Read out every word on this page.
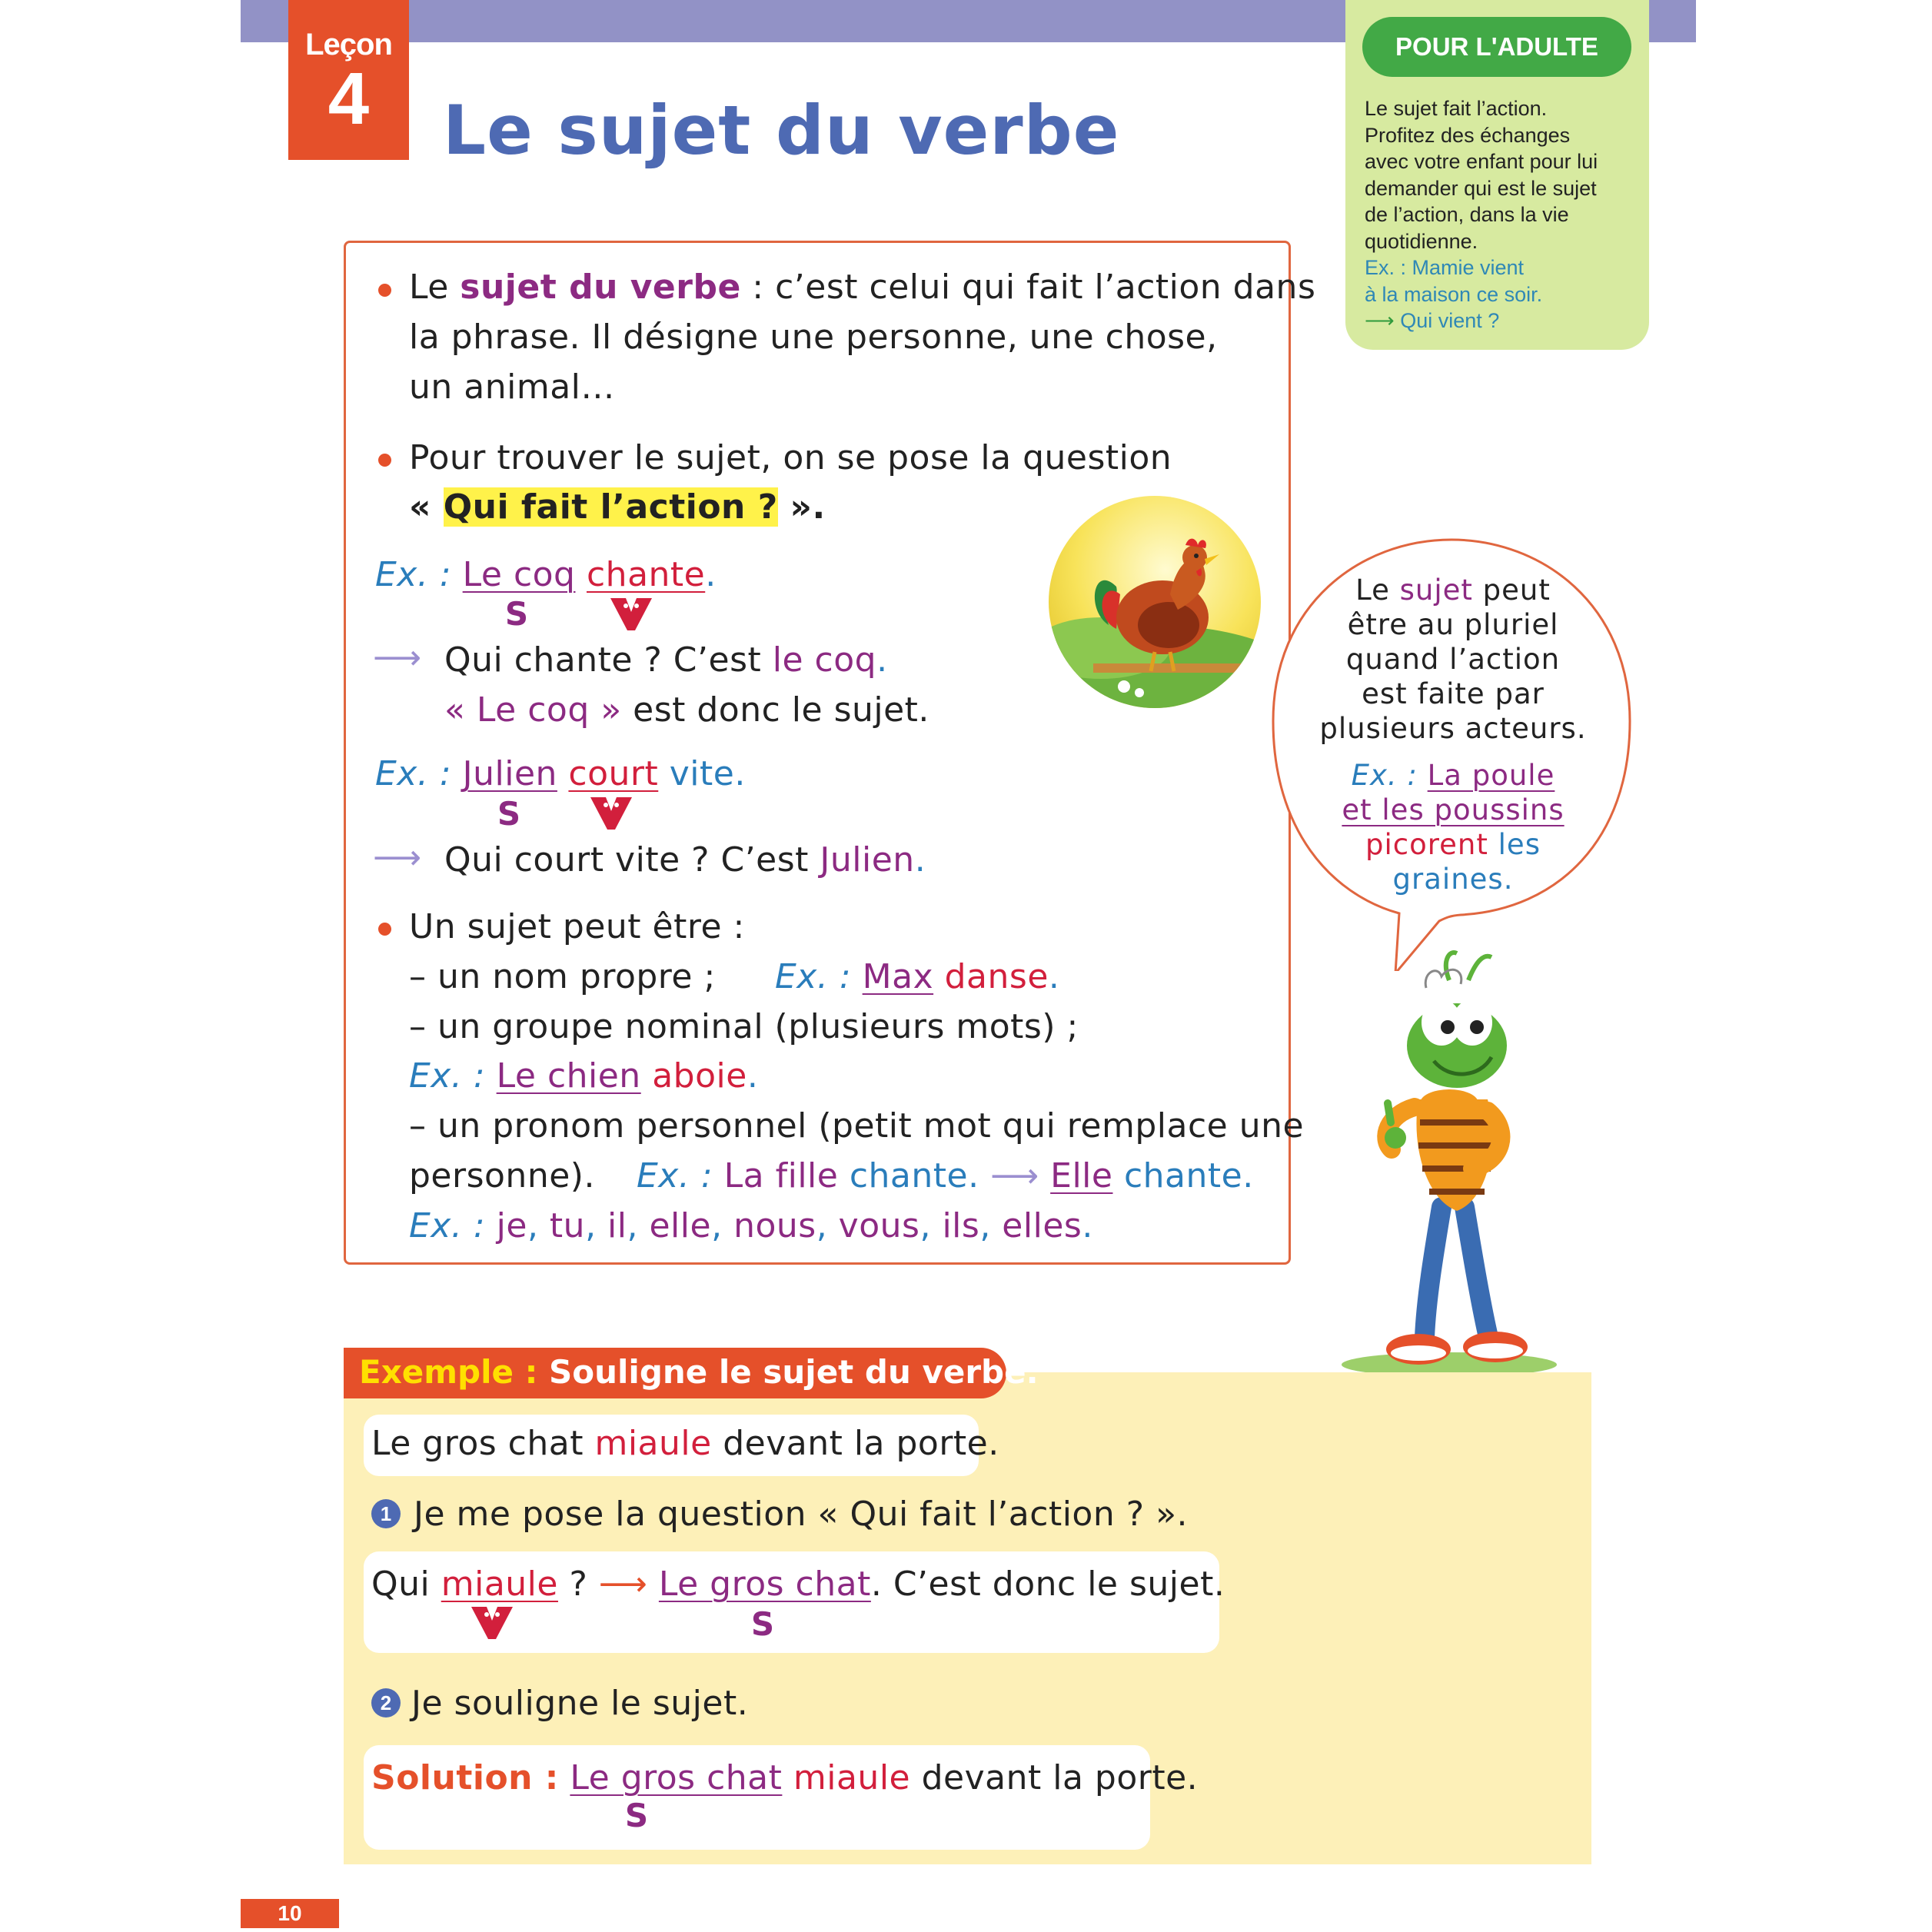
Leçon
4	Le sujet du verbe
POUR L'ADULTE
Le sujet fait l’action.
Profitez des échanges
avec votre enfant pour lui
demander qui est le sujet
de l’action, dans la vie
quotidienne.
Ex. : Mamie vient
à la maison ce soir.
⟶ Qui vient ?
Le sujet du verbe : c’est celui qui fait l’action dans
la phrase. Il désigne une personne, une chose,
un animal…
Pour trouver le sujet, on se pose la question
« Qui fait l’action ? ».
Ex. : Le coq chante.
S
⟶ Qui chante ? C’est le coq.
« Le coq » est donc le sujet.
Ex. : Julien court vite.
S
⟶ Qui court vite ? C’est Julien.
Un sujet peut être :
– un nom propre ; Ex. : Max danse.
– un groupe nominal (plusieurs mots) ;
Ex. : Le chien aboie.
– un pronom personnel (petit mot qui remplace une
personne). Ex. : La fille chante. ⟶ Elle chante.
Ex. : je, tu, il, elle, nous, vous, ils, elles.
Le sujet peut
être au pluriel
quand l’action
est faite par
plusieurs acteurs.
Ex. : La poule
et les poussins
picorent les
graines.
Exemple : Souligne le sujet du verbe.
Le gros chat miaule devant la porte.
1 Je me pose la question « Qui fait l’action ? ».
Qui miaule ? ⟶ Le gros chat. C’est donc le sujet.
S
2 Je souligne le sujet.
Solution : Le gros chat miaule devant la porte.
S
10
